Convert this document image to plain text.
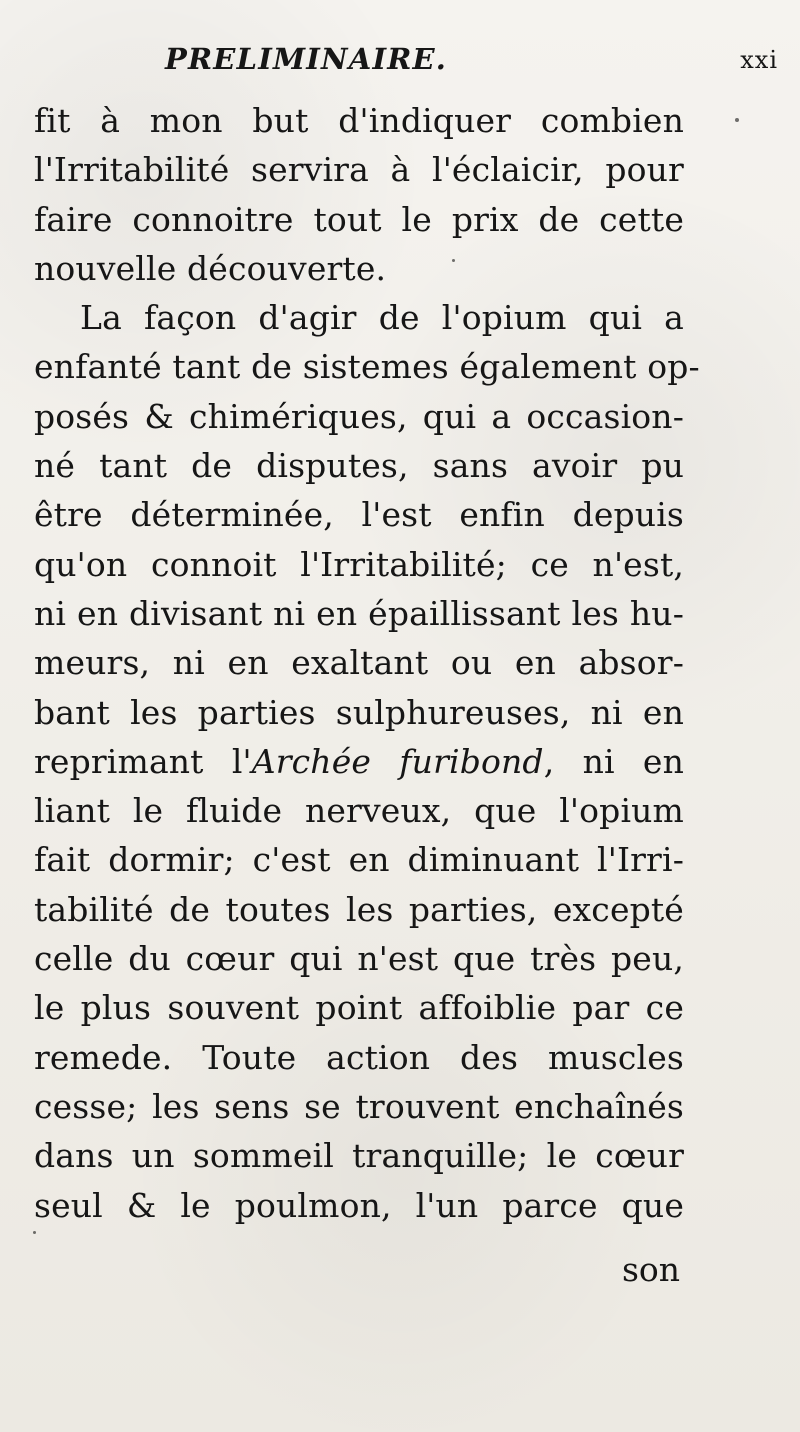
PRELIMINAIRE.	xxi
fit à mon but d'indiquer combien
l'Irritabilité servira à l'éclaicir, pour
faire connoitre tout le prix de cette
nouvelle découverte.
La façon d'agir de l'opium qui a
enfanté tant de sistemes également op-
posés & chimériques, qui a occasion-
né tant de disputes, sans avoir pu
être déterminée, l'est enfin depuis
qu'on connoit l'Irritabilité; ce n'est,
ni en divisant ni en épaillissant les hu-
meurs, ni en exaltant ou en absor-
bant les parties sulphureuses, ni en
reprimant l'Archée furibond, ni en
liant le fluide nerveux, que l'opium
fait dormir; c'est en diminuant l'Irri-
tabilité de toutes les parties, excepté
celle du cœur qui n'est que très peu,
le plus souvent point affoiblie par ce
remede. Toute action des muscles
cesse; les sens se trouvent enchaînés
dans un sommeil tranquille; le cœur
seul & le poulmon, l'un parce que
son
